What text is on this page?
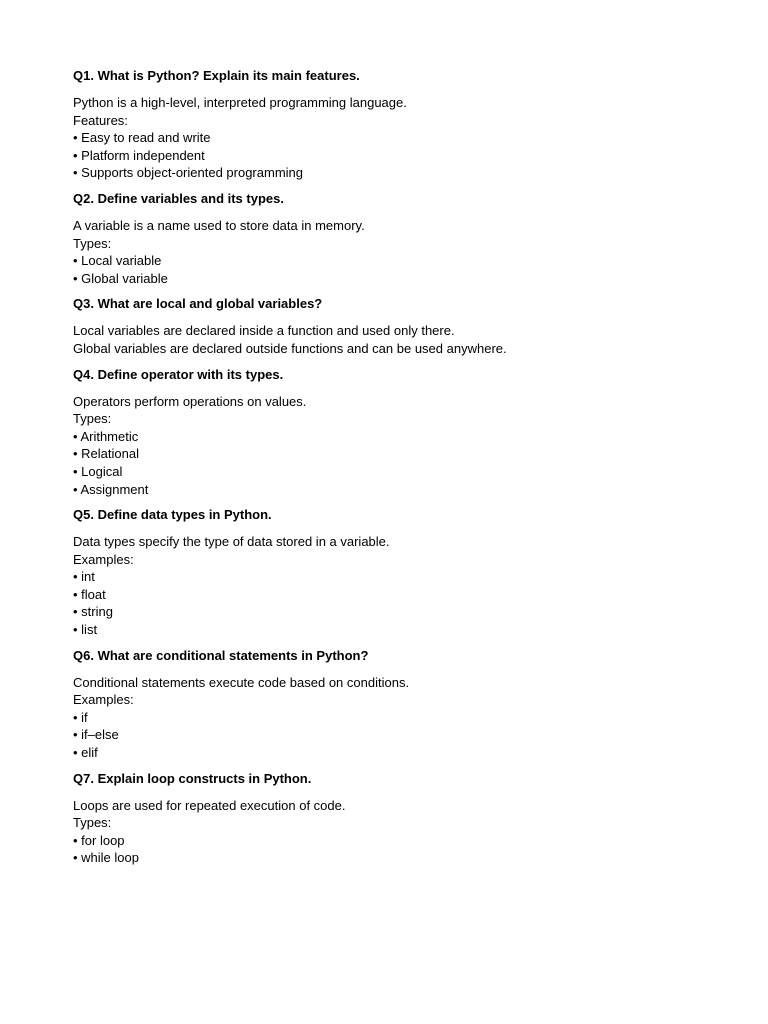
Q1. What is Python? Explain its main features.

Python is a high-level, interpreted programming language.

Features:

• Easy to read and write

• Platform independent

• Supports object-oriented programming

Q2. Define variables and its types.

A variable is a name used to store data in memory.

Types:

• Local variable

• Global variable

Q3. What are local and global variables?

Local variables are declared inside a function and used only there.

Global variables are declared outside functions and can be used anywhere.

Q4. Define operator with its types.

Operators perform operations on values.

Types:

• Arithmetic

• Relational

• Logical

• Assignment

Q5. Define data types in Python.

Data types specify the type of data stored in a variable.

Examples:

• int

• float

• string

• list

Q6. What are conditional statements in Python?

Conditional statements execute code based on conditions.

Examples:

• if

• if–else

• elif

Q7. Explain loop constructs in Python.

Loops are used for repeated execution of code.

Types:

• for loop

• while loop
